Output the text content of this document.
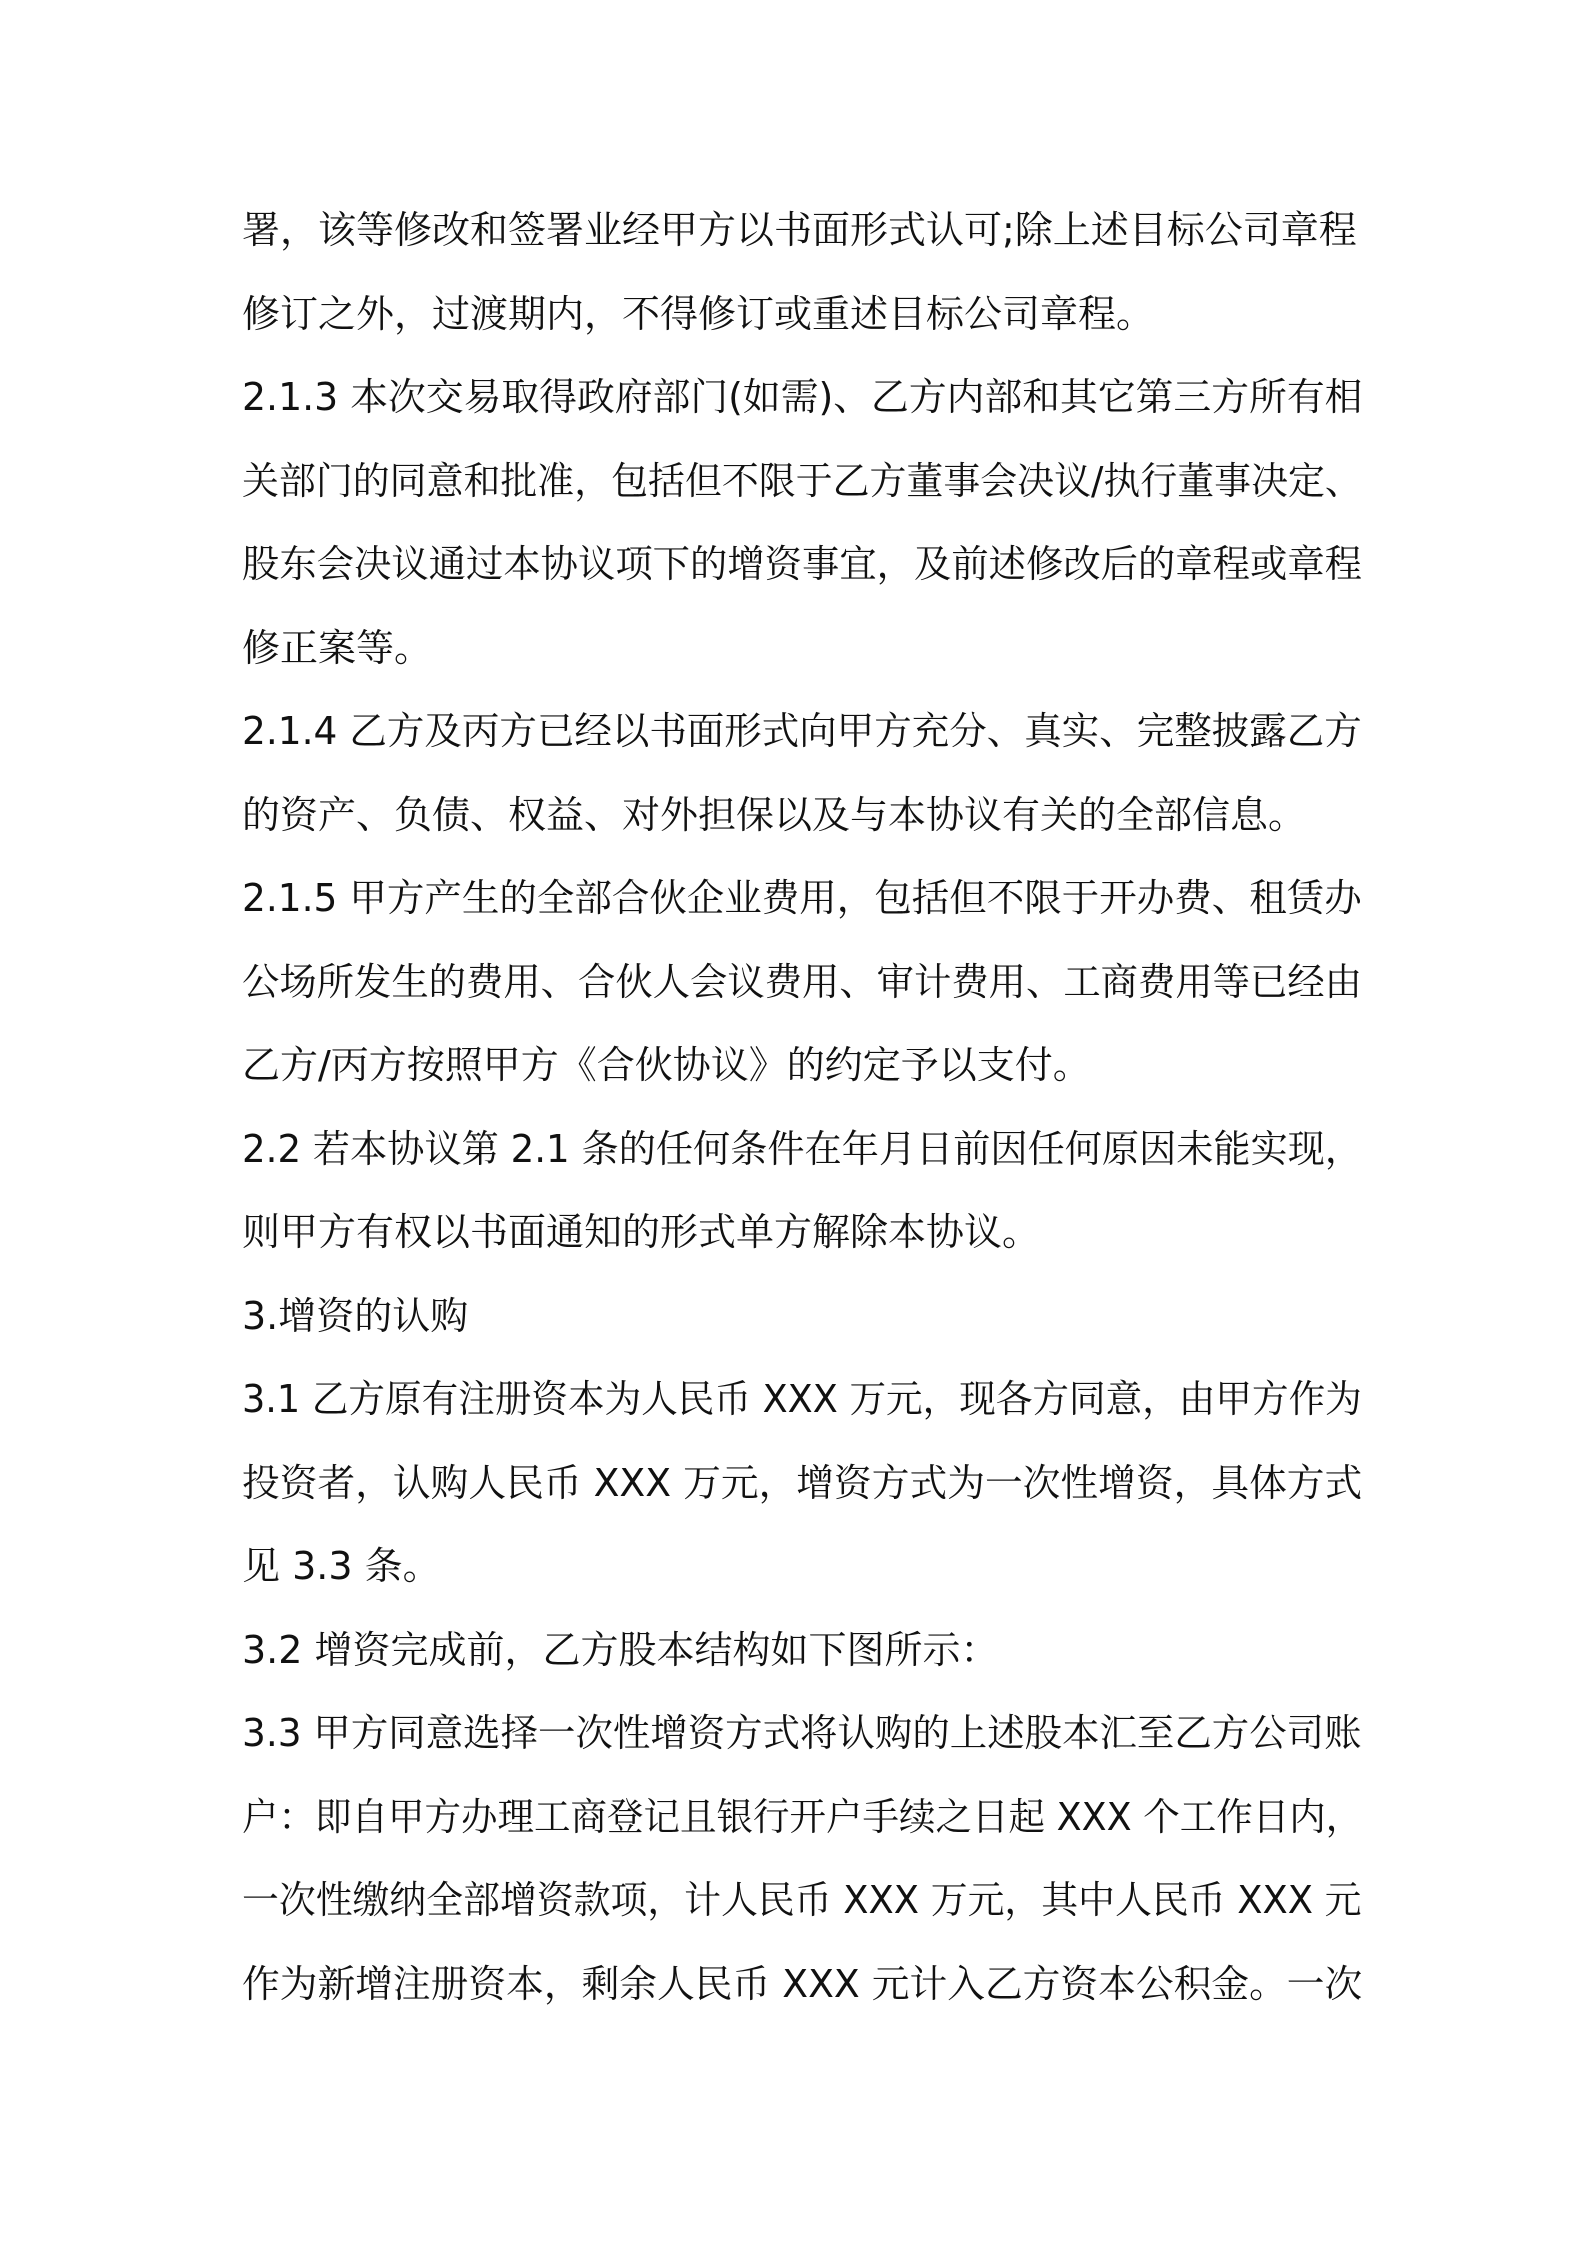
署，该等修改和签署业经甲方以书面形式认可;除上述目标公司章程
修订之外，过渡期内，不得修订或重述目标公司章程。
2.1.3 本次交易取得政府部门(如需)、乙方内部和其它第三方所有相
关部门的同意和批准，包括但不限于乙方董事会决议/执行董事决定、
股东会决议通过本协议项下的增资事宜，及前述修改后的章程或章程
修正案等。
2.1.4 乙方及丙方已经以书面形式向甲方充分、真实、完整披露乙方
的资产、负债、权益、对外担保以及与本协议有关的全部信息。
2.1.5 甲方产生的全部合伙企业费用，包括但不限于开办费、租赁办
公场所发生的费用、合伙人会议费用、审计费用、工商费用等已经由
乙方/丙方按照甲方《合伙协议》的约定予以支付。
2.2 若本协议第 2.1 条的任何条件在年月日前因任何原因未能实现，
则甲方有权以书面通知的形式单方解除本协议。
3.增资的认购
3.1 乙方原有注册资本为人民币 XXX 万元，现各方同意，由甲方作为
投资者，认购人民币 XXX 万元，增资方式为一次性增资，具体方式
见 3.3 条。
3.2 增资完成前，乙方股本结构如下图所示：
3.3 甲方同意选择一次性增资方式将认购的上述股本汇至乙方公司账
户：即自甲方办理工商登记且银行开户手续之日起 XXX 个工作日内，
一次性缴纳全部增资款项，计人民币 XXX 万元，其中人民币 XXX 元
作为新增注册资本，剩余人民币 XXX 元计入乙方资本公积金。一次
